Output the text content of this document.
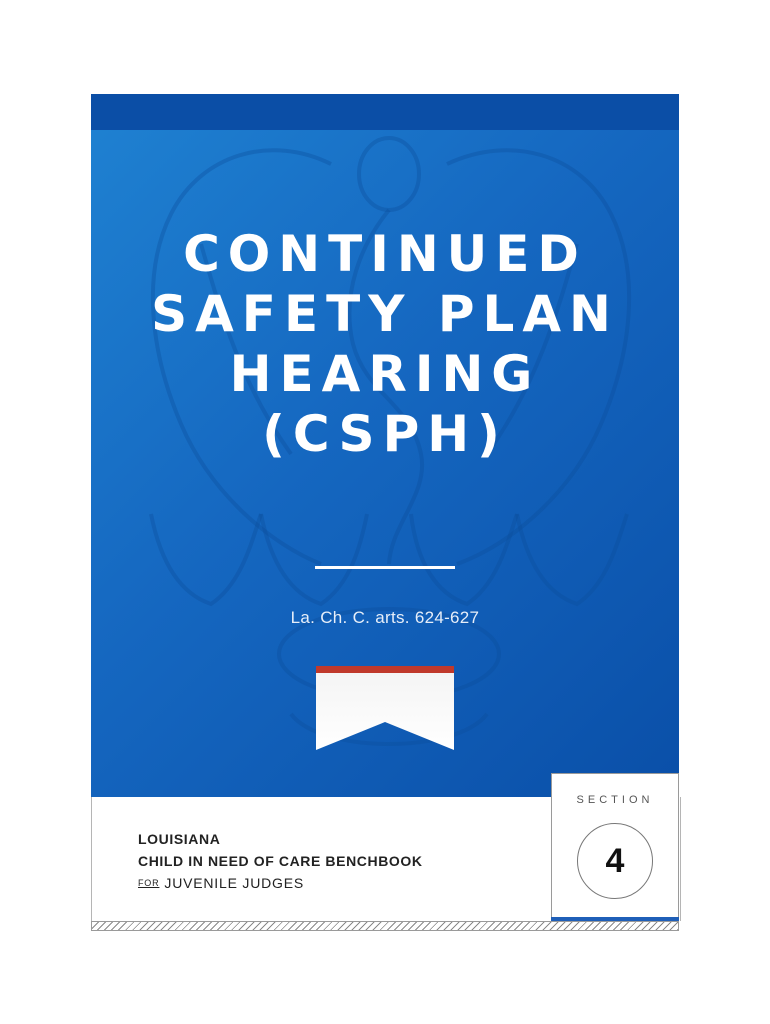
CONTINUED
SAFETY PLAN
HEARING
(CSPH)
La. Ch. C. arts. 624-627
LOUISIANA
CHILD IN NEED OF CARE BENCHBOOK
FOR JUVENILE JUDGES
SECTION
4
